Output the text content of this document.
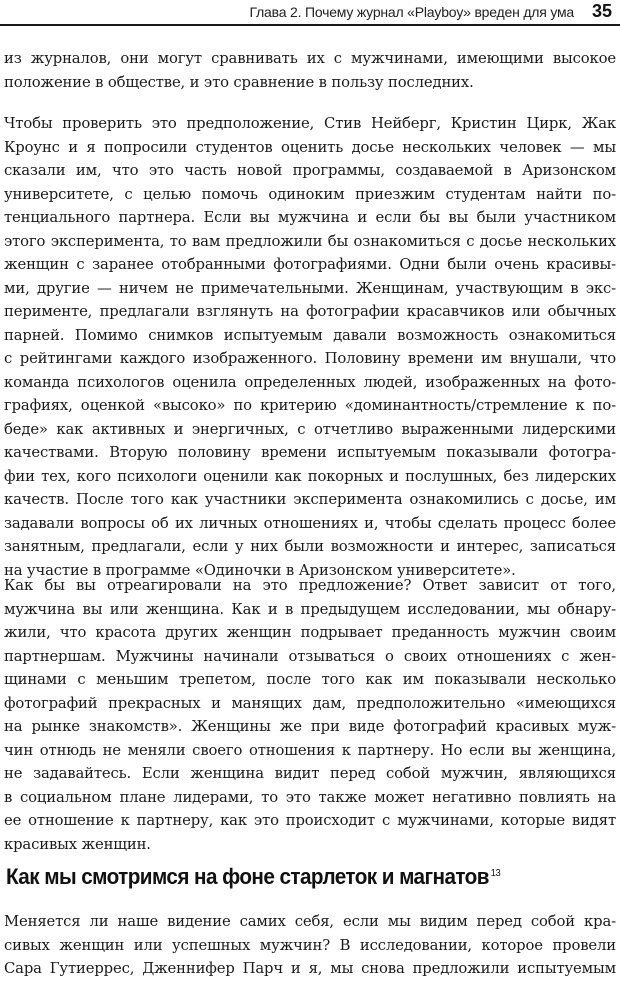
Глава 2. Почему журнал «Playboy» вреден для ума 35
из журналов, они могут сравнивать их с мужчинами, имеющими высокое
положение в обществе, и это сравнение в пользу последних.
Чтобы проверить это предположение, Стив Нейберг, Кристин Цирк, Жак
Кроунс и я попросили студентов оценить досье нескольких человек — мы
сказали им, что это часть новой программы, создаваемой в Аризонском
университете, с целью помочь одиноким приезжим студентам найти по-
тенциального партнера. Если вы мужчина и если бы вы были участником
этого эксперимента, то вам предложили бы ознакомиться с досье нескольких
женщин с заранее отобранными фотографиями. Одни были очень красивы-
ми, другие — ничем не примечательными. Женщинам, участвующим в экс-
перименте, предлагали взглянуть на фотографии красавчиков или обычных
парней. Помимо снимков испытуемым давали возможность ознакомиться
с рейтингами каждого изображенного. Половину времени им внушали, что
команда психологов оценила определенных людей, изображенных на фото-
графиях, оценкой «высоко» по критерию «доминантность/стремление к по-
беде» как активных и энергичных, с отчетливо выраженными лидерскими
качествами. Вторую половину времени испытуемым показывали фотогра-
фии тех, кого психологи оценили как покорных и послушных, без лидерских
качеств. После того как участники эксперимента ознакомились с досье, им
задавали вопросы об их личных отношениях и, чтобы сделать процесс более
занятным, предлагали, если у них были возможности и интерес, записаться
на участие в программе «Одиночки в Аризонском университете».
Как бы вы отреагировали на это предложение? Ответ зависит от того,
мужчина вы или женщина. Как и в предыдущем исследовании, мы обнару-
жили, что красота других женщин подрывает преданность мужчин своим
партнершам. Мужчины начинали отзываться о своих отношениях с жен-
щинами с меньшим трепетом, после того как им показывали несколько
фотографий прекрасных и манящих дам, предположительно «имеющихся
на рынке знакомств». Женщины же при виде фотографий красивых муж-
чин отнюдь не меняли своего отношения к партнеру. Но если вы женщина,
не задавайтесь. Если женщина видит перед собой мужчин, являющихся
в социальном плане лидерами, то это также может негативно повлиять на
ее отношение к партнеру, как это происходит с мужчинами, которые видят
красивых женщин.
Как мы смотримся на фоне старлеток и магнатов $^{13}$
Меняется ли наше видение самих себя, если мы видим перед собой кра-
сивых женщин или успешных мужчин? В исследовании, которое провели
Сара Гутиеррес, Дженнифер Парч и я, мы снова предложили испытуемым
